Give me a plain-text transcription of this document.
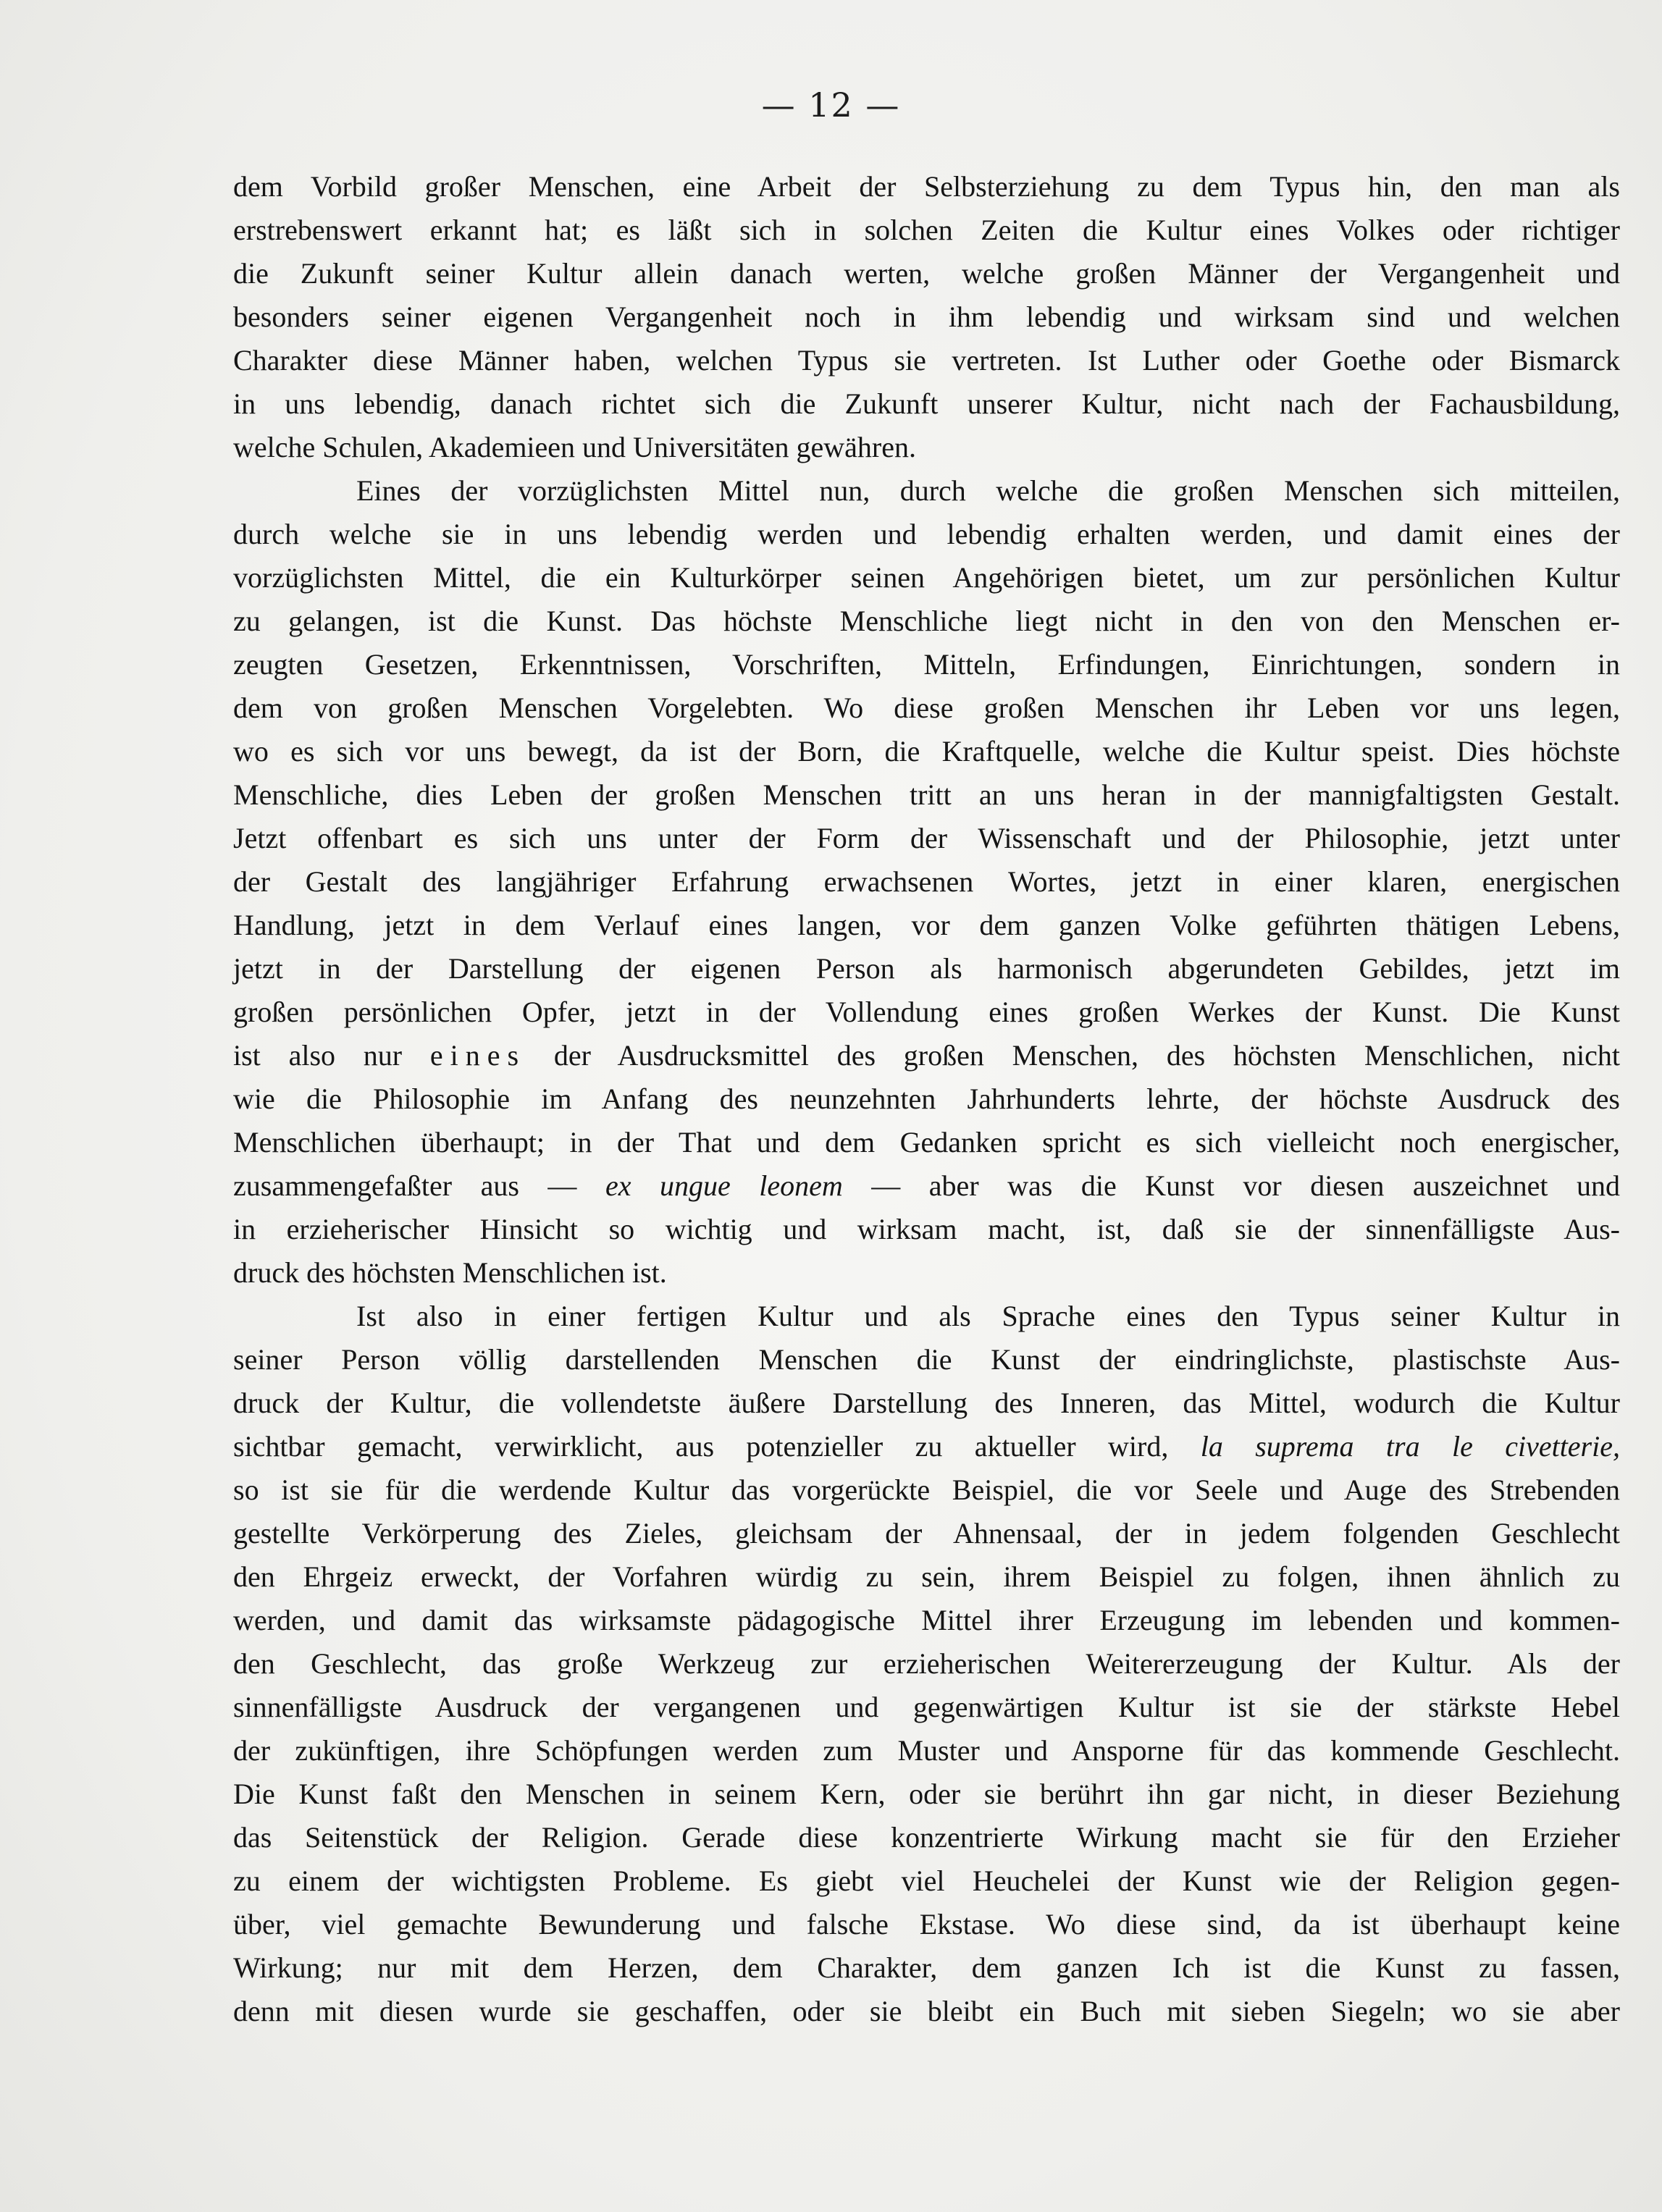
— 12 —
dem Vorbild großer Menschen, eine Arbeit der Selbsterziehung zu dem Typus hin, den man als
erstrebenswert erkannt hat; es läßt sich in solchen Zeiten die Kultur eines Volkes oder richtiger
die Zukunft seiner Kultur allein danach werten, welche großen Männer der Vergangenheit und
besonders seiner eigenen Vergangenheit noch in ihm lebendig und wirksam sind und welchen
Charakter diese Männer haben, welchen Typus sie vertreten. Ist Luther oder Goethe oder Bismarck
in uns lebendig, danach richtet sich die Zukunft unserer Kultur, nicht nach der Fachausbildung,
welche Schulen, Akademieen und Universitäten gewähren.
Eines der vorzüglichsten Mittel nun, durch welche die großen Menschen sich mitteilen,
durch welche sie in uns lebendig werden und lebendig erhalten werden, und damit eines der
vorzüglichsten Mittel, die ein Kulturkörper seinen Angehörigen bietet, um zur persönlichen Kultur
zu gelangen, ist die Kunst. Das höchste Menschliche liegt nicht in den von den Menschen er-
zeugten Gesetzen, Erkenntnissen, Vorschriften, Mitteln, Erfindungen, Einrichtungen, sondern in
dem von großen Menschen Vorgelebten. Wo diese großen Menschen ihr Leben vor uns legen,
wo es sich vor uns bewegt, da ist der Born, die Kraftquelle, welche die Kultur speist. Dies höchste
Menschliche, dies Leben der großen Menschen tritt an uns heran in der mannigfaltigsten Gestalt.
Jetzt offenbart es sich uns unter der Form der Wissenschaft und der Philosophie, jetzt unter
der Gestalt des langjähriger Erfahrung erwachsenen Wortes, jetzt in einer klaren, energischen
Handlung, jetzt in dem Verlauf eines langen, vor dem ganzen Volke geführten thätigen Lebens,
jetzt in der Darstellung der eigenen Person als harmonisch abgerundeten Gebildes, jetzt im
großen persönlichen Opfer, jetzt in der Vollendung eines großen Werkes der Kunst. Die Kunst
ist also nur eines der Ausdrucksmittel des großen Menschen, des höchsten Menschlichen, nicht
wie die Philosophie im Anfang des neunzehnten Jahrhunderts lehrte, der höchste Ausdruck des
Menschlichen überhaupt; in der That und dem Gedanken spricht es sich vielleicht noch energischer,
zusammengefaßter aus — ex ungue leonem — aber was die Kunst vor diesen auszeichnet und
in erzieherischer Hinsicht so wichtig und wirksam macht, ist, daß sie der sinnenfälligste Aus-
druck des höchsten Menschlichen ist.
Ist also in einer fertigen Kultur und als Sprache eines den Typus seiner Kultur in
seiner Person völlig darstellenden Menschen die Kunst der eindringlichste, plastischste Aus-
druck der Kultur, die vollendetste äußere Darstellung des Inneren, das Mittel, wodurch die Kultur
sichtbar gemacht, verwirklicht, aus potenzieller zu aktueller wird, la suprema tra le civetterie,
so ist sie für die werdende Kultur das vorgerückte Beispiel, die vor Seele und Auge des Strebenden
gestellte Verkörperung des Zieles, gleichsam der Ahnensaal, der in jedem folgenden Geschlecht
den Ehrgeiz erweckt, der Vorfahren würdig zu sein, ihrem Beispiel zu folgen, ihnen ähnlich zu
werden, und damit das wirksamste pädagogische Mittel ihrer Erzeugung im lebenden und kommen-
den Geschlecht, das große Werkzeug zur erzieherischen Weitererzeugung der Kultur. Als der
sinnenfälligste Ausdruck der vergangenen und gegenwärtigen Kultur ist sie der stärkste Hebel
der zukünftigen, ihre Schöpfungen werden zum Muster und Ansporne für das kommende Geschlecht.
Die Kunst faßt den Menschen in seinem Kern, oder sie berührt ihn gar nicht, in dieser Beziehung
das Seitenstück der Religion. Gerade diese konzentrierte Wirkung macht sie für den Erzieher
zu einem der wichtigsten Probleme. Es giebt viel Heuchelei der Kunst wie der Religion gegen-
über, viel gemachte Bewunderung und falsche Ekstase. Wo diese sind, da ist überhaupt keine
Wirkung; nur mit dem Herzen, dem Charakter, dem ganzen Ich ist die Kunst zu fassen,
denn mit diesen wurde sie geschaffen, oder sie bleibt ein Buch mit sieben Siegeln; wo sie aber
